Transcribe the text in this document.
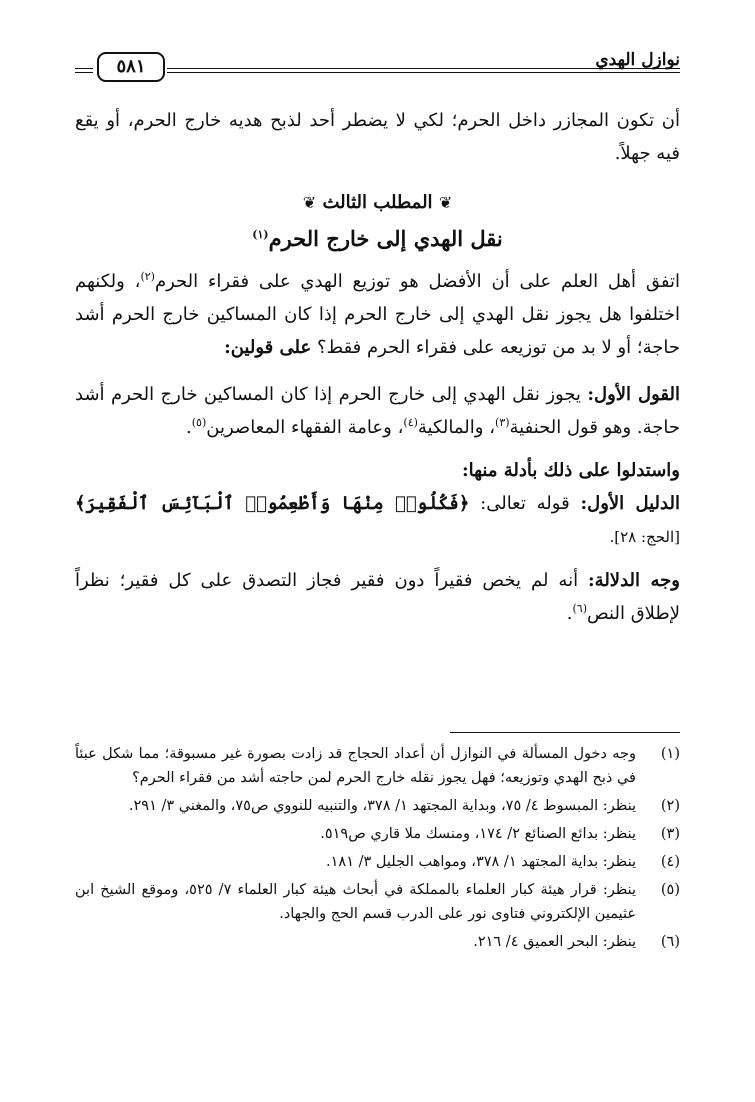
نوازل الهدي
٥٨١

أن تكون المجازر داخل الحرم؛ لكي لا يضطر أحد لذبح هديه خارج الحرم، أو يقع فيه جهلاً.

❦ المطلب الثالث ❦

نقل الهدي إلى خارج الحرم$^{(١)}$

اتفق أهل العلم على أن الأفضل هو توزيع الهدي على فقراء الحرم$^{(٢)}$، ولكنهم اختلفوا هل يجوز نقل الهدي إلى خارج الحرم إذا كان المساكين خارج الحرم أشد حاجة؛ أو لا بد من توزيعه على فقراء الحرم فقط؟ على قولين:

القول الأول: يجوز نقل الهدي إلى خارج الحرم إذا كان المساكين خارج الحرم أشد حاجة. وهو قول الحنفية$^{(٣)}$، والمالكية$^{(٤)}$، وعامة الفقهاء المعاصرين$^{(٥)}$.

واستدلوا على ذلك بأدلة منها:

الدليل الأول: قوله تعالى: ﴿فَكُلُوا۟ مِنْهَا وَأَطْعِمُوا۟ ٱلْبَآئِسَ ٱلْفَقِيرَ﴾ [الحج: ٢٨].

وجه الدلالة: أنه لم يخص فقيراً دون فقير فجاز التصدق على كل فقير؛ نظراً لإطلاق النص$^{(٦)}$.

(١)
وجه دخول المسألة في النوازل أن أعداد الحجاج قد زادت بصورة غير مسبوقة؛ مما شكل عبئاً في ذبح الهدي وتوزيعه؛ فهل يجوز نقله خارج الحرم لمن حاجته أشد من فقراء الحرم؟
(٢)
ينظر: المبسوط ٤/ ٧٥، وبداية المجتهد ١/ ٣٧٨، والتنبيه للنووي ص٧٥، والمغني ٣/ ٢٩١.
(٣)
ينظر: بدائع الصنائع ٢/ ١٧٤، ومنسك ملا قاري ص٥١٩.
(٤)
ينظر: بداية المجتهد ١/ ٣٧٨، ومواهب الجليل ٣/ ١٨١.
(٥)
ينظر: قرار هيئة كبار العلماء بالمملكة في أبحاث هيئة كبار العلماء ٧/ ٥٢٥، وموقع الشيخ ابن عثيمين الإلكتروني فتاوى نور على الدرب قسم الحج والجهاد.
(٦)
ينظر: البحر العميق ٤/ ٢١٦.
